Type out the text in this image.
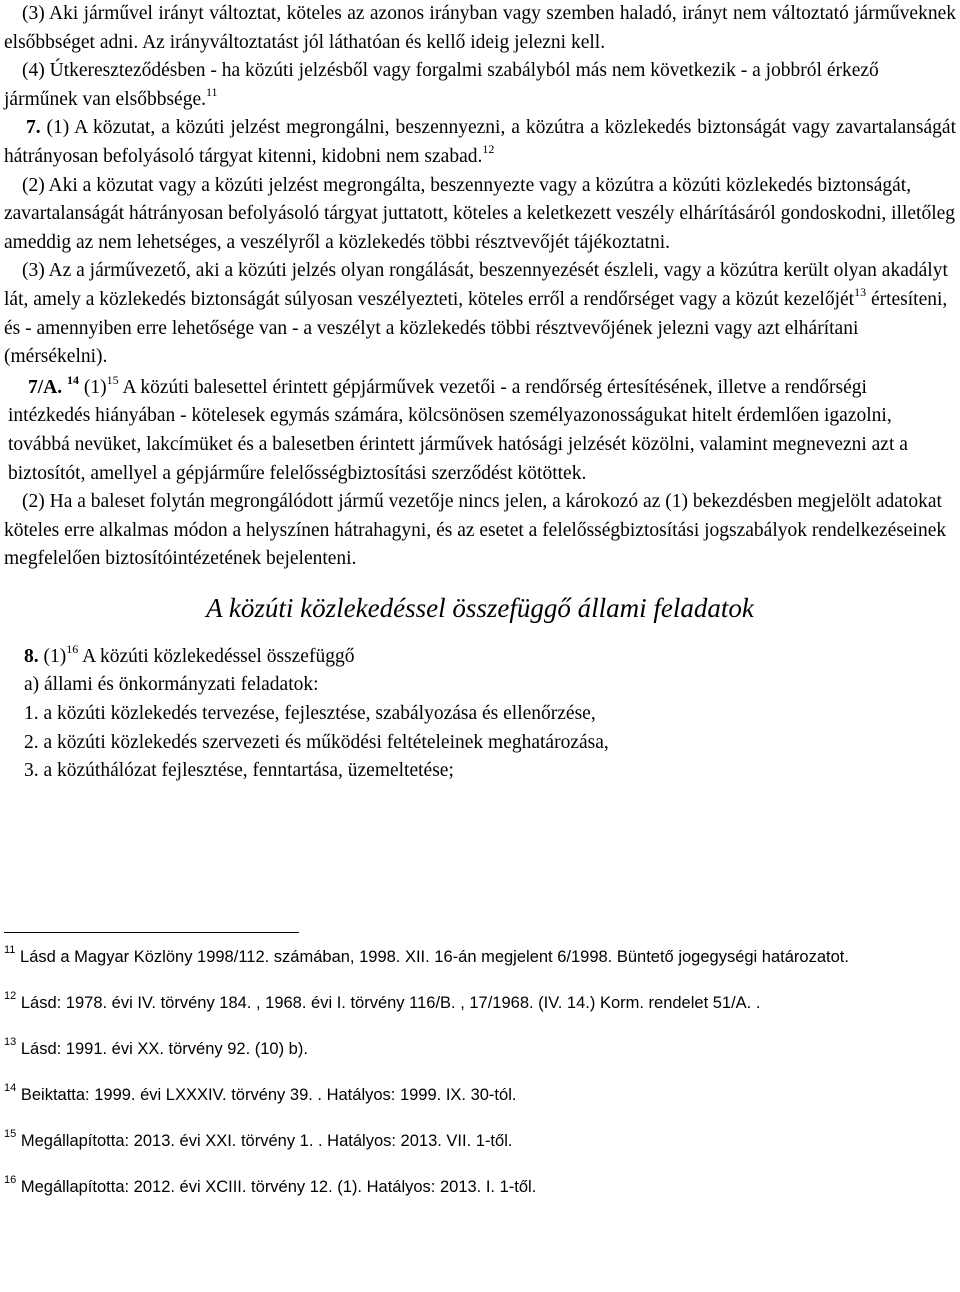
(3) Aki járművel irányt változtat, köteles az azonos irányban vagy szemben haladó, irányt nem változtató járműveknek elsőbbséget adni. Az irányváltoztatást jól láthatóan és kellő ideig jelezni kell.

(4) Útkereszteződésben - ha közúti jelzésből vagy forgalmi szabályból más nem következik - a jobbról érkező járműnek van elsőbbsége.$^{11}$

7. (1) A közutat, a közúti jelzést megrongálni, beszennyezni, a közútra a közlekedés biztonságát vagy zavartalanságát hátrányosan befolyásoló tárgyat kitenni, kidobni nem szabad.$^{12}$

(2) Aki a közutat vagy a közúti jelzést megrongálta, beszennyezte vagy a közútra a közúti közlekedés biztonságát, zavartalanságát hátrányosan befolyásoló tárgyat juttatott, köteles a keletkezett veszély elhárításáról gondoskodni, illetőleg ameddig az nem lehetséges, a veszélyről a közlekedés többi résztvevőjét tájékoztatni.

(3) Az a járművezető, aki a közúti jelzés olyan rongálását, beszennyezését észleli, vagy a közútra került olyan akadályt lát, amely a közlekedés biztonságát súlyosan veszélyezteti, köteles erről a rendőrséget vagy a közút kezelőjét$^{13}$ értesíteni, és - amennyiben erre lehetősége van - a veszélyt a közlekedés többi résztvevőjének jelezni vagy azt elhárítani (mérsékelni).

7/A. $^{14}$ $(1)^{15}$ A közúti balesettel érintett gépjárművek vezetői - a rendőrség értesítésének, illetve a rendőrségi intézkedés hiányában - kötelesek egymás számára, kölcsönösen személyazonosságukat hitelt érdemlően igazolni, továbbá nevüket, lakcímüket és a balesetben érintett járművek hatósági jelzését közölni, valamint megnevezni azt a biztosítót, amellyel a gépjárműre felelősségbiztosítási szerződést kötöttek.

(2) Ha a baleset folytán megrongálódott jármű vezetője nincs jelen, a károkozó az (1) bekezdésben megjelölt adatokat köteles erre alkalmas módon a helyszínen hátrahagyni, és az esetet a felelősségbiztosítási jogszabályok rendelkezéseinek megfelelően biztosítóintézetének bejelenteni.

A közúti közlekedéssel összefüggő állami feladatok

8. $(1)^{16}$ A közúti közlekedéssel összefüggő

a) állami és önkormányzati feladatok:

1. a közúti közlekedés tervezése, fejlesztése, szabályozása és ellenőrzése,

2. a közúti közlekedés szervezeti és működési feltételeinek meghatározása,

3. a közúthálózat fejlesztése, fenntartása, üzemeltetése;

$^{11}$ Lásd a Magyar Közlöny 1998/112. számában, 1998. XII. 16-án megjelent 6/1998. Büntető jogegységi határozatot.

$^{12}$ Lásd: 1978. évi IV. törvény 184. , 1968. évi I. törvény 116/B. , 17/1968. (IV. 14.) Korm. rendelet 51/A. .

$^{13}$ Lásd: 1991. évi XX. törvény 92. (10) b).

$^{14}$ Beiktatta: 1999. évi LXXXIV. törvény 39. . Hatályos: 1999. IX. 30-tól.

$^{15}$ Megállapította: 2013. évi XXI. törvény 1. . Hatályos: 2013. VII. 1-től.

$^{16}$ Megállapította: 2012. évi XCIII. törvény 12. (1). Hatályos: 2013. I. 1-től.
